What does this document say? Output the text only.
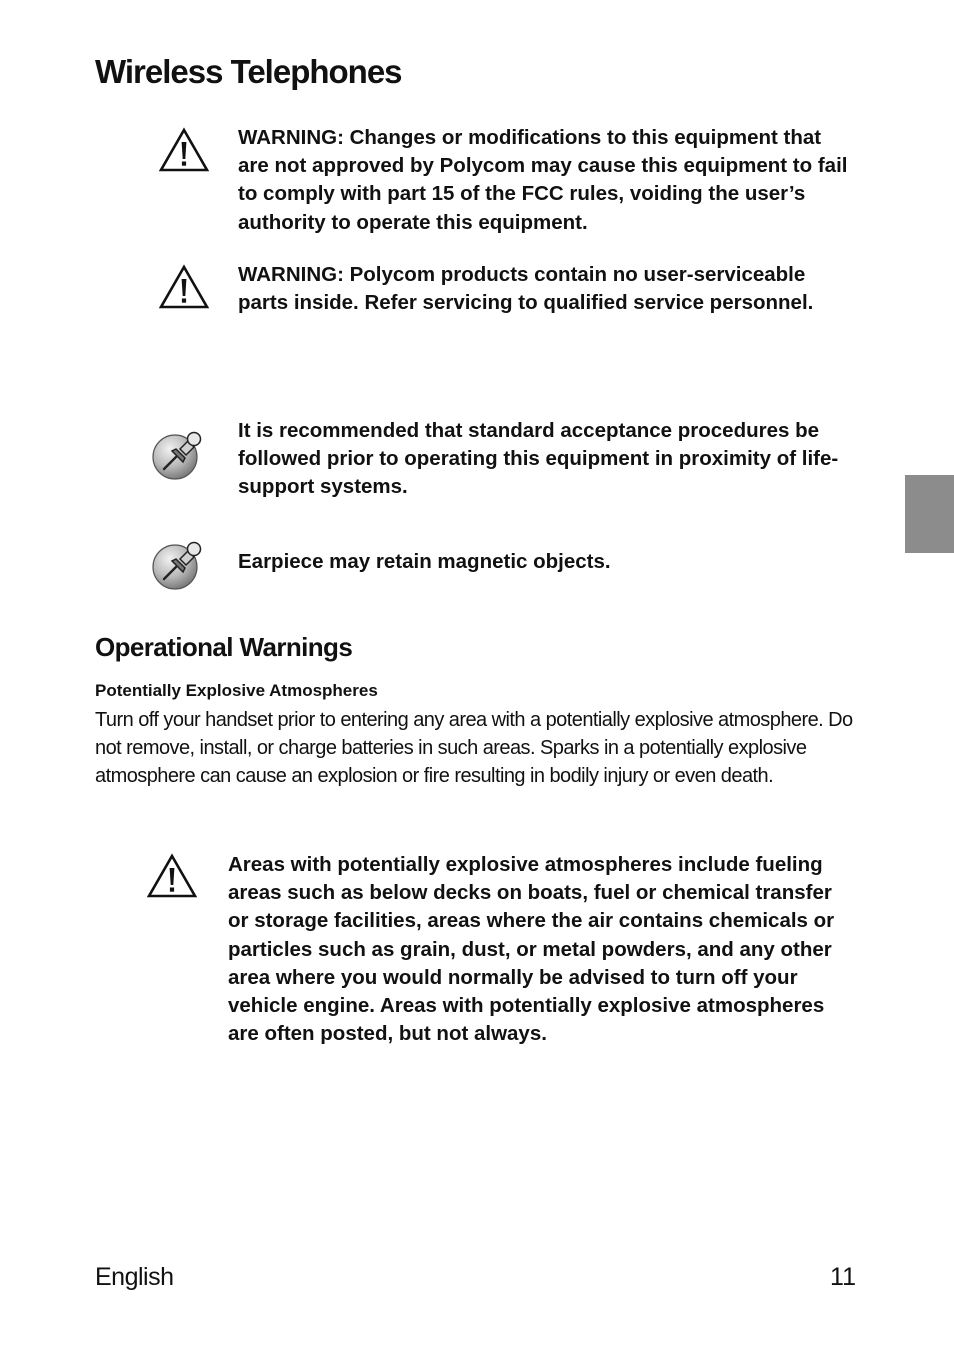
Wireless Telephones

WARNING: Changes or modifications to this equipment that are not approved by Polycom may cause this equipment to fail to comply with part 15 of the FCC rules, voiding the user’s authority to operate this equipment.

WARNING: Polycom products contain no user-serviceable parts inside. Refer servicing to qualified service personnel.

It is recommended that standard acceptance procedures be followed prior to operating this equipment in proximity of life-support systems.

Earpiece may retain magnetic objects.

Operational Warnings
Potentially Explosive Atmospheres

Turn off your handset prior to entering any area with a potentially explosive atmosphere. Do not remove, install, or charge batteries in such areas. Sparks in a potentially explosive atmosphere can cause an explosion or fire resulting in bodily injury or even death.

Areas with potentially explosive atmospheres include fueling areas such as below decks on boats, fuel or chemical transfer or storage facilities, areas where the air contains chemicals or particles such as grain, dust, or metal powders, and any other area where you would normally be advised to turn off your vehicle engine. Areas with potentially explosive atmospheres are often posted, but not always.

English	11
